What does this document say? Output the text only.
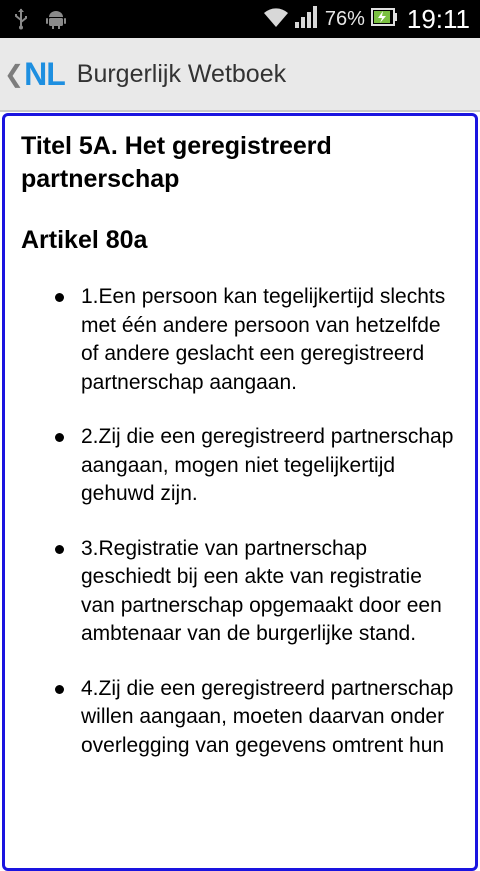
76% 19:11
❮ NL Burgerlijk Wetboek
Titel 5A. Het geregistreerd partnerschap
Artikel 80a
1.Een persoon kan tegelijkertijd slechts met één andere persoon van hetzelfde of andere geslacht een geregistreerd partnerschap aangaan.
2.Zij die een geregistreerd partnerschap aangaan, mogen niet tegelijkertijd gehuwd zijn.
3.Registratie van partnerschap geschiedt bij een akte van registratie van partnerschap opgemaakt door een ambtenaar van de burgerlijke stand.
4.Zij die een geregistreerd partnerschap willen aangaan, moeten daarvan onder overlegging van gegevens omtrent hun
